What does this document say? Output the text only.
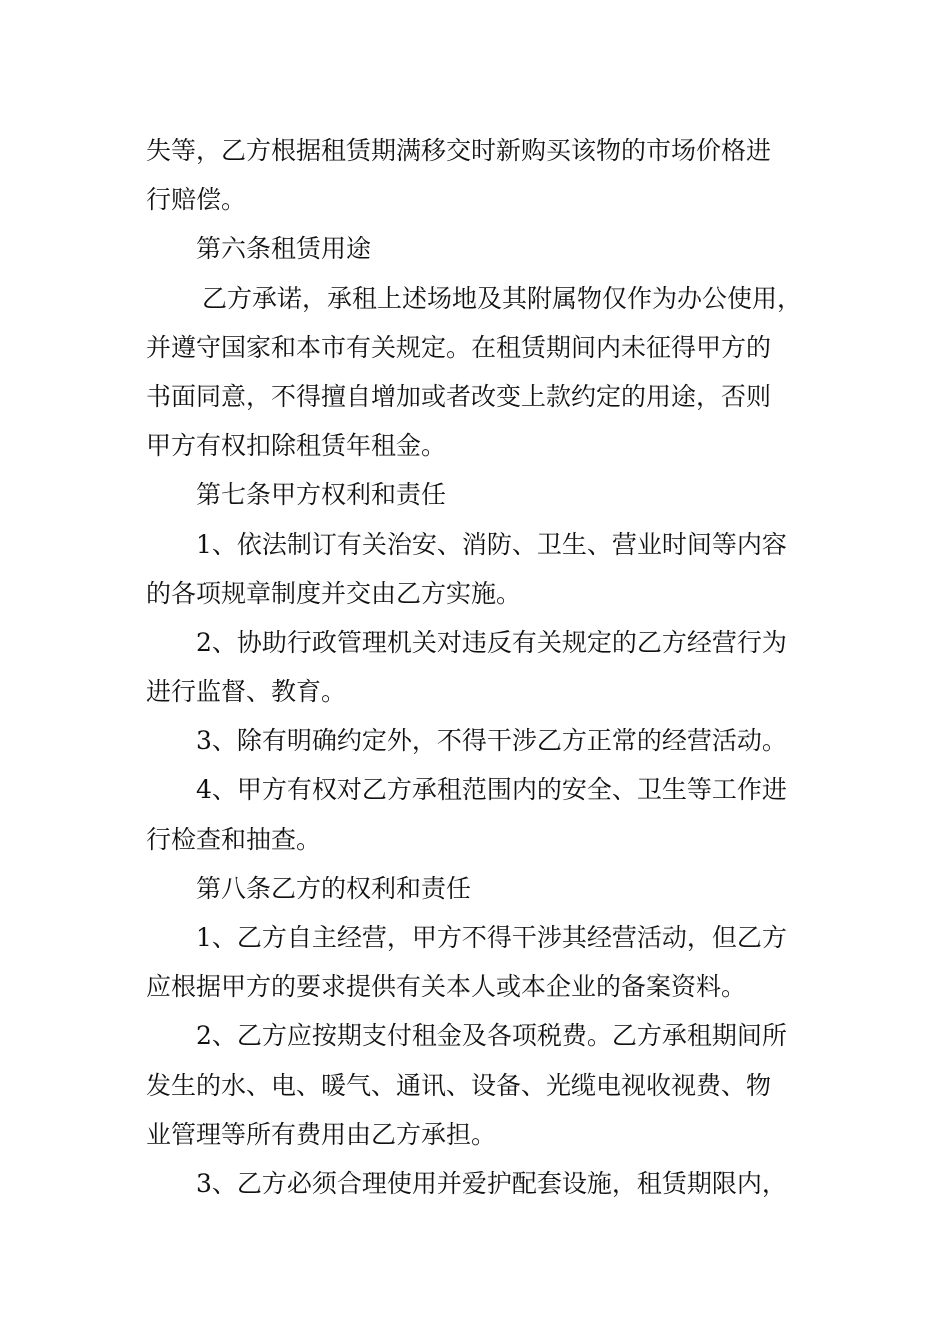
失等，乙方根据租赁期满移交时新购买该物的市场价格进
行赔偿。
第六条租赁用途
乙方承诺，承租上述场地及其附属物仅作为办公使用，
并遵守国家和本市有关规定。在租赁期间内未征得甲方的
书面同意，不得擅自增加或者改变上款约定的用途，否则
甲方有权扣除租赁年租金。
第七条甲方权利和责任
1、依法制订有关治安、消防、卫生、营业时间等内容
的各项规章制度并交由乙方实施。
2、协助行政管理机关对违反有关规定的乙方经营行为
进行监督、教育。
3、除有明确约定外，不得干涉乙方正常的经营活动。
4、甲方有权对乙方承租范围内的安全、卫生等工作进
行检查和抽查。
第八条乙方的权利和责任
1、乙方自主经营，甲方不得干涉其经营活动，但乙方
应根据甲方的要求提供有关本人或本企业的备案资料。
2、乙方应按期支付租金及各项税费。乙方承租期间所
发生的水、电、暖气、通讯、设备、光缆电视收视费、物
业管理等所有费用由乙方承担。
3、乙方必须合理使用并爱护配套设施，租赁期限内，
